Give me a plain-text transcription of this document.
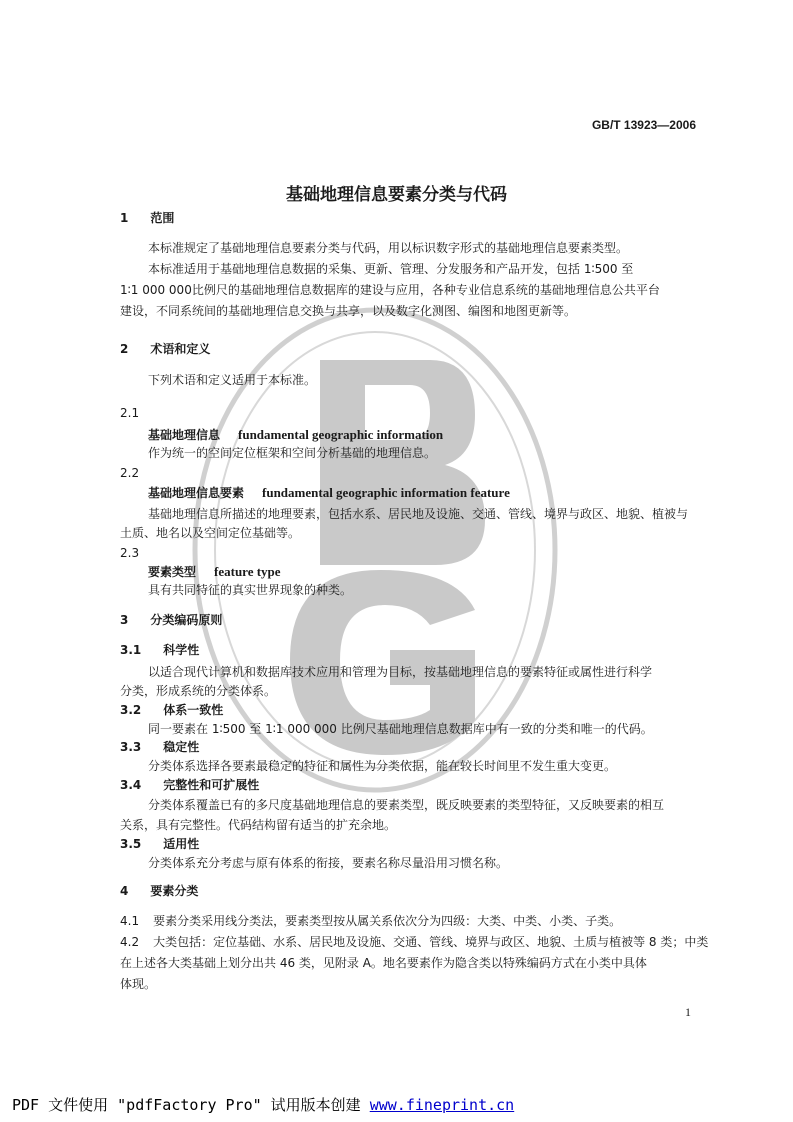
GB/T 13923—2006
基础地理信息要素分类与代码
1 范围
本标准规定了基础地理信息要素分类与代码，用以标识数字形式的基础地理信息要素类型。
本标准适用于基础地理信息数据的采集、更新、管理、分发服务和产品开发，包括 1∶500 至
1∶1 000 000比例尺的基础地理信息数据库的建设与应用，各种专业信息系统的基础地理信息公共平台
建设，不同系统间的基础地理信息交换与共享，以及数字化测图、编图和地图更新等。
2 术语和定义
下列术语和定义适用于本标准。
2.1
基础地理信息 fundamental geographic information
作为统一的空间定位框架和空间分析基础的地理信息。
2.2
基础地理信息要素 fundamental geographic information feature
基础地理信息所描述的地理要素，包括水系、居民地及设施、交通、管线、境界与政区、地貌、植被与
土质、地名以及空间定位基础等。
2.3
要素类型 feature type
具有共同特征的真实世界现象的种类。
3 分类编码原则
3.1 科学性
以适合现代计算机和数据库技术应用和管理为目标，按基础地理信息的要素特征或属性进行科学
分类，形成系统的分类体系。
3.2 体系一致性
同一要素在 1∶500 至 1∶1 000 000 比例尺基础地理信息数据库中有一致的分类和唯一的代码。
3.3 稳定性
分类体系选择各要素最稳定的特征和属性为分类依据，能在较长时间里不发生重大变更。
3.4 完整性和可扩展性
分类体系覆盖已有的多尺度基础地理信息的要素类型，既反映要素的类型特征，又反映要素的相互
关系，具有完整性。代码结构留有适当的扩充余地。
3.5 适用性
分类体系充分考虑与原有体系的衔接，要素名称尽量沿用习惯名称。
4 要素分类
4.1 要素分类采用线分类法，要素类型按从属关系依次分为四级：大类、中类、小类、子类。
4.2 大类包括：定位基础、水系、居民地及设施、交通、管线、境界与政区、地貌、土质与植被等 8 类；中类
在上述各大类基础上划分出共 46 类，见附录 A。地名要素作为隐含类以特殊编码方式在小类中具体
体现。
1
PDF 文件使用 "pdfFactory Pro" 试用版本创建 www.fineprint.cn
